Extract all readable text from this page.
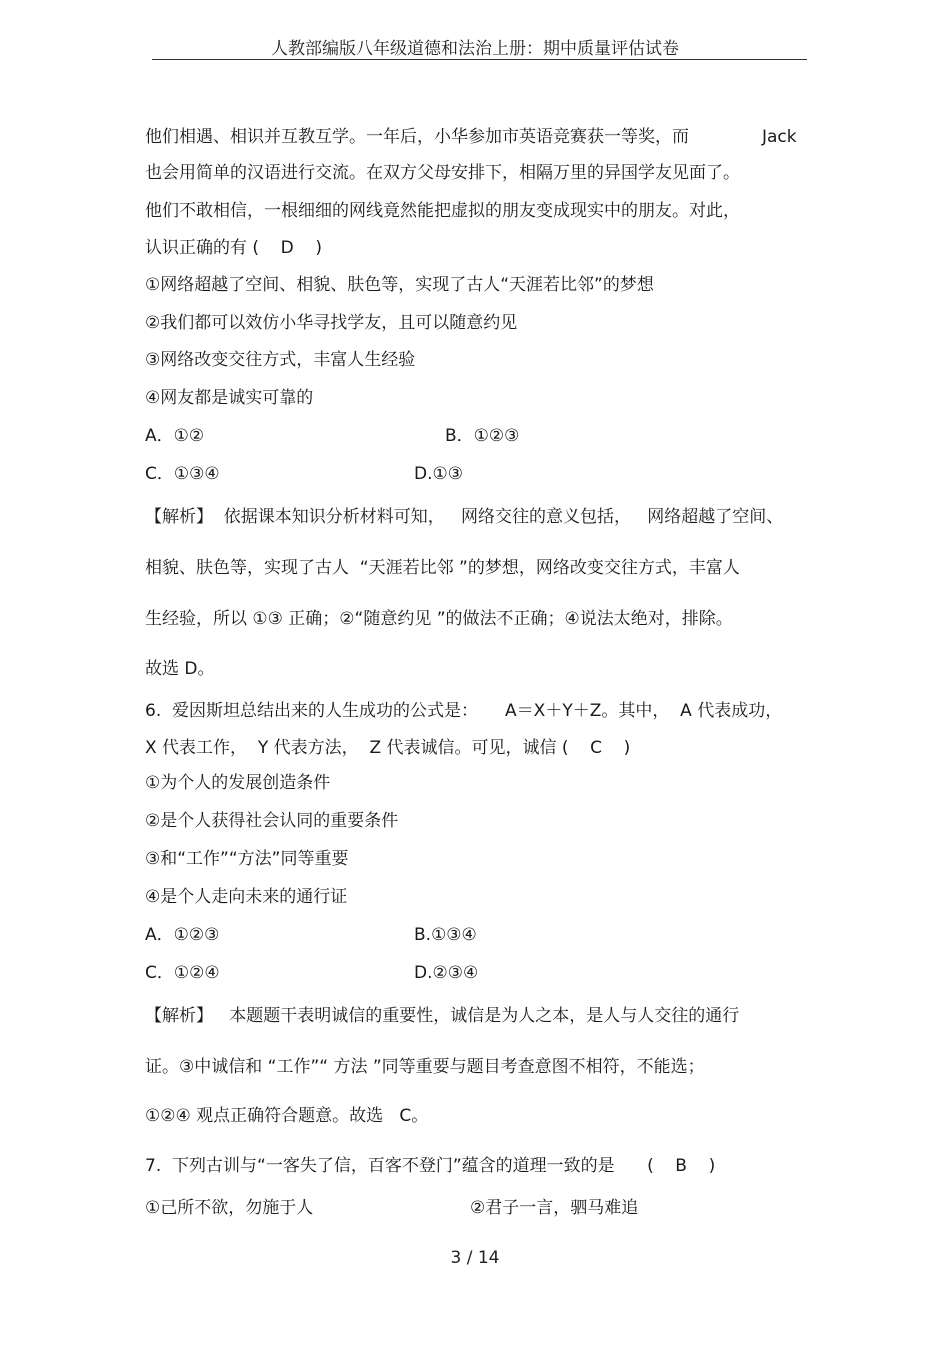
人教部编版八年级道德和法治上册：期中质量评估试卷
他们相遇、相识并互教互学。一年后，小华参加市英语竞赛获一等奖，而	Jack
也会用简单的汉语进行交流。在双方父母安排下，相隔万里的异国学友见面了。
他们不敢相信，一根细细的网线竟然能把虚拟的朋友变成现实中的朋友。对此，
认识正确的有 (    D    )
①网络超越了空间、相貌、肤色等，实现了古人“天涯若比邻”的梦想
②我们都可以效仿小华寻找学友，且可以随意约见
③网络改变交往方式，丰富人生经验
④网友都是诚实可靠的
A．①②	B．①②③
C．①③④	D.①③
【解析】  依据课本知识分析材料可知，   网络交往的意义包括，   网络超越了空间、
相貌、肤色等，实现了古人  “天涯若比邻 ”的梦想，网络改变交往方式，丰富人
生经验，所以 ①③ 正确；②“随意约见 ”的做法不正确；④说法太绝对，排除。
故选 D。
6.  爱因斯坦总结出来的人生成功的公式是：     A＝X＋Y＋Z。其中，  A 代表成功，
X 代表工作，  Y 代表方法，  Z 代表诚信。可见，诚信 (    C    )
①为个人的发展创造条件
②是个人获得社会认同的重要条件
③和“工作”“方法”同等重要
④是个人走向未来的通行证
A．①②③	B.①③④
C．①②④	D.②③④
【解析】   本题题干表明诚信的重要性，诚信是为人之本，是人与人交往的通行
证。③中诚信和 “工作”“ 方法 ”同等重要与题目考查意图不相符，不能选；
①②④ 观点正确符合题意。故选   C。
7.  下列古训与“一客失了信，百客不登门”蕴含的道理一致的是      (    B    )
①己所不欲，勿施于人	②君子一言，驷马难追
3 / 14
